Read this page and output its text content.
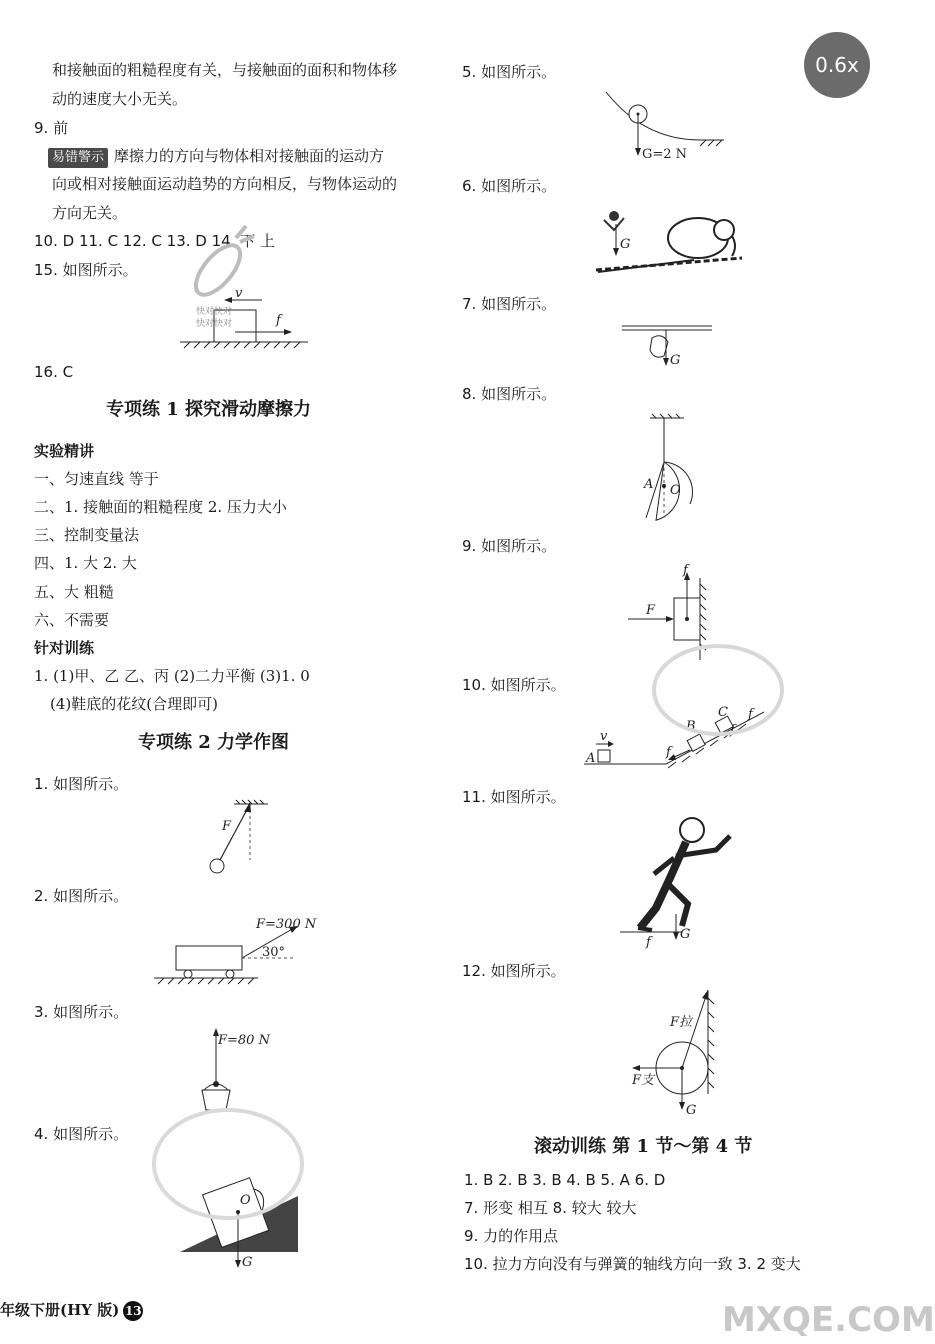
0.6x
和接触面的粗糙程度有关，与接触面的面积和物体移
动的速度大小无关。
9. 前
易错警示 摩擦力的方向与物体相对接触面的运动方
向或相对接触面运动趋势的方向相反，与物体运动的
方向无关。
10. D 11. C 12. C 13. D 14. 下 上
15. 如图所示。
v
快对快对
快对快对	f
16. C
专项练 1 探究滑动摩擦力
实验精讲
一、匀速直线 等于
二、1. 接触面的粗糙程度 2. 压力大小
三、控制变量法
四、1. 大 2. 大
五、大 粗糙
六、不需要
针对训练
1. (1)甲、乙 乙、丙 (2)二力平衡 (3)1. 0
(4)鞋底的花纹(合理即可)
专项练 2 力学作图
1. 如图所示。
F
2. 如图所示。
F=300 N
30°
3. 如图所示。
F=80 N
4. 如图所示。
O
G
年级下册(HY 版) 13
5. 如图所示。
G=2 N
6. 如图所示。
G
7. 如图所示。
G
8. 如图所示。
A O
9. 如图所示。
f
F
10. 如图所示。
v
A
B
f
C f
f
11. 如图所示。
G
f
12. 如图所示。
F拉
F支
G
滚动训练 第 1 节～第 4 节
1. B 2. B 3. B 4. B 5. A 6. D
7. 形变 相互 8. 较大 较大
9. 力的作用点
10. 拉力方向没有与弹簧的轴线方向一致 3. 2 变大
MXQE.COM
